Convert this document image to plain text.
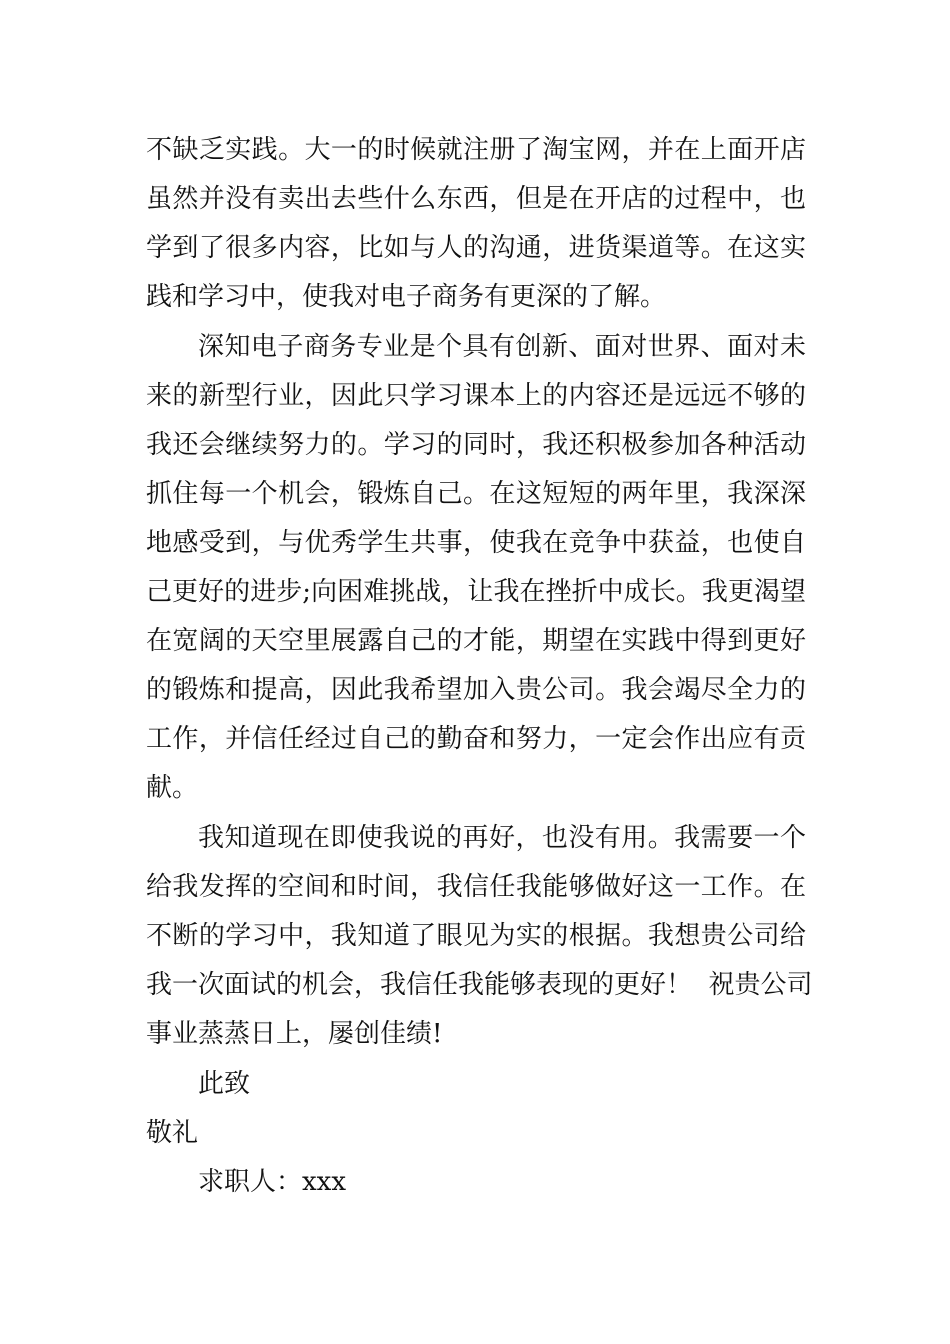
不缺乏实践。大一的时候就注册了淘宝网，并在上面开店
虽然并没有卖出去些什么东西，但是在开店的过程中，也
学到了很多内容，比如与人的沟通，进货渠道等。在这实
践和学习中，使我对电子商务有更深的了解。
深知电子商务专业是个具有创新、面对世界、面对未
来的新型行业，因此只学习课本上的内容还是远远不够的
我还会继续努力的。学习的同时，我还积极参加各种活动
抓住每一个机会，锻炼自己。在这短短的两年里，我深深
地感受到，与优秀学生共事，使我在竞争中获益，也使自
己更好的进步;向困难挑战，让我在挫折中成长。我更渴望
在宽阔的天空里展露自己的才能，期望在实践中得到更好
的锻炼和提高，因此我希望加入贵公司。我会竭尽全力的
工作，并信任经过自己的勤奋和努力，一定会作出应有贡
献。
我知道现在即使我说的再好，也没有用。我需要一个
给我发挥的空间和时间，我信任我能够做好这一工作。在
不断的学习中，我知道了眼见为实的根据。我想贵公司给
我一次面试的机会，我信任我能够表现的更好！  祝贵公司
事业蒸蒸日上，屡创佳绩!
此致
敬礼
求职人：xxx
